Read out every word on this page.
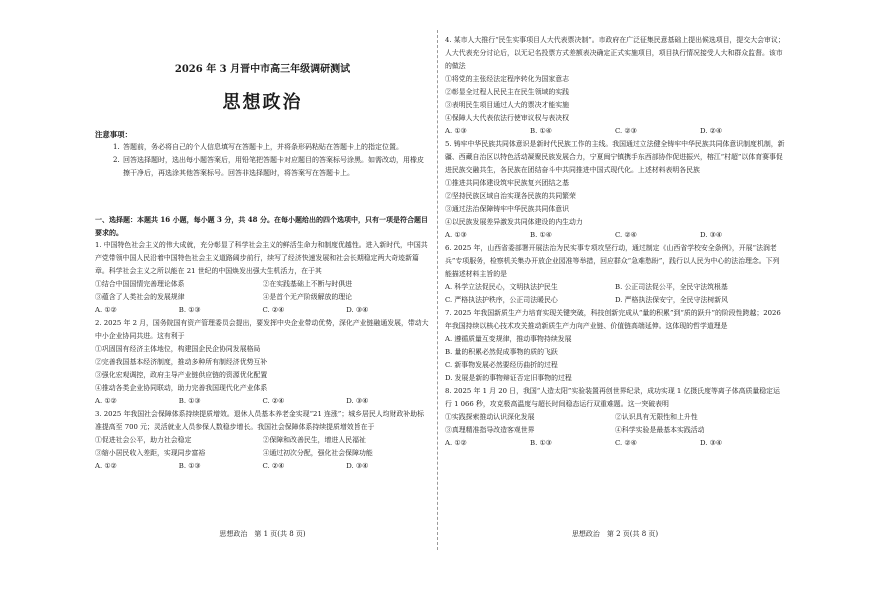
2026 年 3 月晋中市高三年级调研测试
思想政治
注意事项：
1. 答题前，务必将自己的个人信息填写在答题卡上，并将条形码粘贴在答题卡上的指定位置。
2. 回答选择题时，选出每小题答案后，用铅笔把答题卡对应题目的答案标号涂黑。如需改动，用橡皮擦干净后，再选涂其他答案标号。回答非选择题时，将答案写在答题卡上。
一、选择题：本题共 16 小题，每小题 3 分，共 48 分。在每小题给出的四个选项中，只有一项是符合题目要求的。

1. 中国特色社会主义的伟大成就，充分彰显了科学社会主义的鲜活生命力和制度优越性。进入新时代，中国共产党带领中国人民沿着中国特色社会主义道路阔步前行，续写了经济快速发展和社会长期稳定两大奇迹新篇章。科学社会主义之所以能在 21 世纪的中国焕发出强大生机活力，在于其

①结合中国国情完善理论体系	②在实践基础上不断与时俱进
③蕴含了人类社会的发展规律	④是首个无产阶级解放的理论
A. ①②	B. ①③	C. ②④	D. ③④

2. 2025 年 2 月，国务院国有资产管理委员会提出，要发挥中央企业带动优势，深化产业链融通发展，带动大中小企业协同共进。这有利于

①巩固国有经济主体地位，构建国企民企协同发展格局
②完善我国基本经济制度，推动多种所有制经济优势互补
③强化宏观调控，政府主导产业链供应链的资源优化配置
④推动各类企业协同联动，助力完善我国现代化产业体系
A. ①②	B. ①③	C. ②④	D. ③④

3. 2025 年我国社会保障体系持续提质增效。退休人员基本养老金实现“21 连涨”；城乡居民人均财政补助标准提高至 700 元；灵活就业人员参保人数稳步增长。我国社会保障体系持续提质增效旨在于

①促进社会公平，助力社会稳定	②保障和改善民生，增进人民福祉
③缩小居民收入差距，实现同步富裕	④通过初次分配，强化社会保障功能
A. ①②	B. ①③	C. ②④	D. ③④
思想政治　第 1 页(共 8 页)

4. 某市人大推行“民生实事项目人大代表票决制”。市政府在广泛征集民意基础上提出候选项目，提交大会审议；人大代表充分讨论后，以无记名投票方式差额表决确定正式实施项目，项目执行情况接受人大和群众监督。该市的做法

①将党的主张经法定程序转化为国家意志
②彰显全过程人民民主在民生领域的实践
③表明民生项目通过人大的票决才能实施
④保障人大代表依法行使审议权与表决权
A. ①③	B. ①④	C. ②③	D. ②④

5. 铸牢中华民族共同体意识是新时代民族工作的主线。我国通过立法健全铸牢中华民族共同体意识制度机制，新疆、西藏自治区以特色活动凝聚民族发展合力，宁夏闽宁镇携手东西部协作促进振兴，榕江“村超”以体育赛事促进民族交融共生，各民族在团结奋斗中共同推进中国式现代化。上述材料表明各民族

①推进共同体建设筑牢民族复兴团结之基
②坚持民族区域自治实现各民族的共同繁荣
③通过法治保障铸牢中华民族共同体意识
④以民族发展差异激发共同体建设的内生动力
A. ①③	B. ①④	C. ②④	D. ③④

6. 2025 年，山西省委部署开展法治为民实事专项攻坚行动，通过制定《山西省学校安全条例》，开展“法润老兵”专项服务，检察机关集办开放企业园准等举措，回应群众“急难愁盼”，践行以人民为中心的法治理念。下列能描述材料主旨的是

A. 科学立法促民心，文明执法护民生	B. 公正司法促公平，全民守法筑根基
C. 严格执法护秩序，公正司法暖民心	D. 严格执法保安宁，全民守法树新风

7. 2025 年我国新质生产力培育实现关键突破，科技创新完成从“量的积累”到“质的跃升”的阶段性跨越；2026 年我国持续以核心技术攻关推动新质生产力向产业链、价值链高端延伸。这体现的哲学道理是

A. 遵循质量互变规律，推动事物持续发展
B. 量的积累必然促成事物的质的飞跃
C. 新事物发展必然要经历曲折的过程
D. 发展是新的事物辩证否定旧事物的过程

8. 2025 年 1 月 20 日，我国“人造太阳”实验装置再创世界纪录，成功实现 1 亿摄氏度等离子体高质量稳定运行 1 066 秒，攻克极高温度与超长时间稳态运行双重难题。这一突破表明

①实践探索推动认识深化发展	②认识具有无限性和上升性
③真理精准指导改造客观世界	④科学实验是最基本实践活动
A. ①②	B. ①③	C. ②④	D. ③④
思想政治　第 2 页(共 8 页)
